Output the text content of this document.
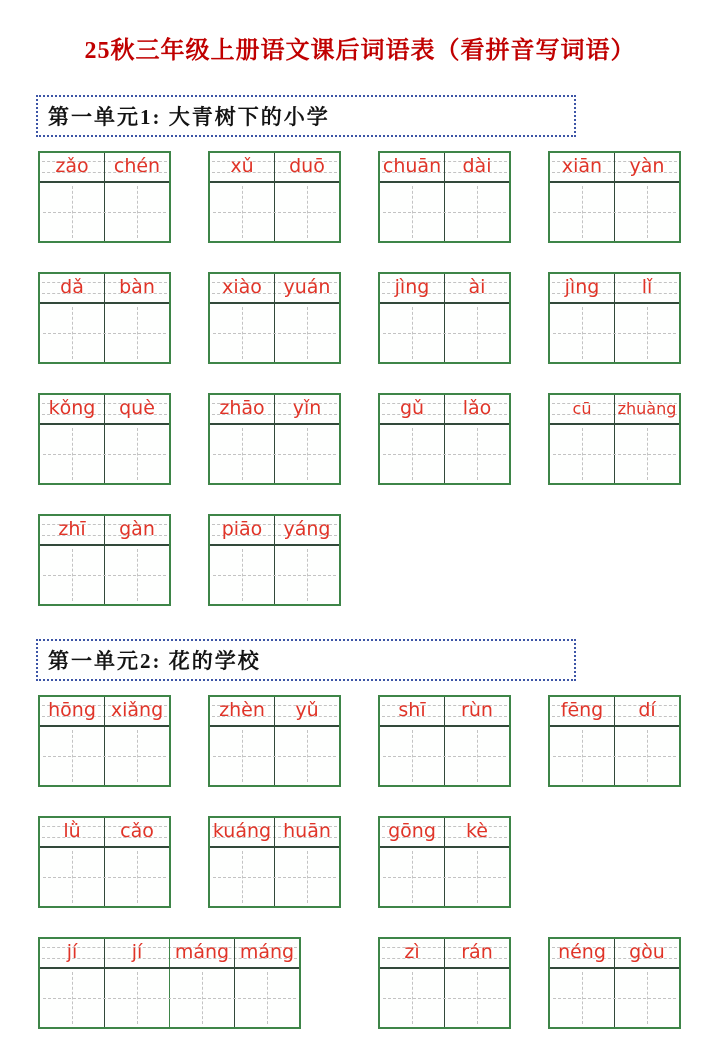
25秋三年级上册语文课后词语表（看拼音写词语）
第一单元1: 大青树下的小学
zǎo	chén	xǔ	duō	chuān	dài	xiān	yàn
dǎ	bàn	xiào	yuán	jìng	ài	jìng	lǐ
kǒng	què	zhāo	yǐn	gǔ	lǎo	cū	zhuàng
zhī	gàn	piāo	yáng
第一单元2: 花的学校
hōng xiǎng	zhèn	yǔ	shī	rùn	fēng	dí
lǜ	cǎo	kuáng huān	gōng	kè
jí	jí	máng máng	zì	rán	néng	gòu
